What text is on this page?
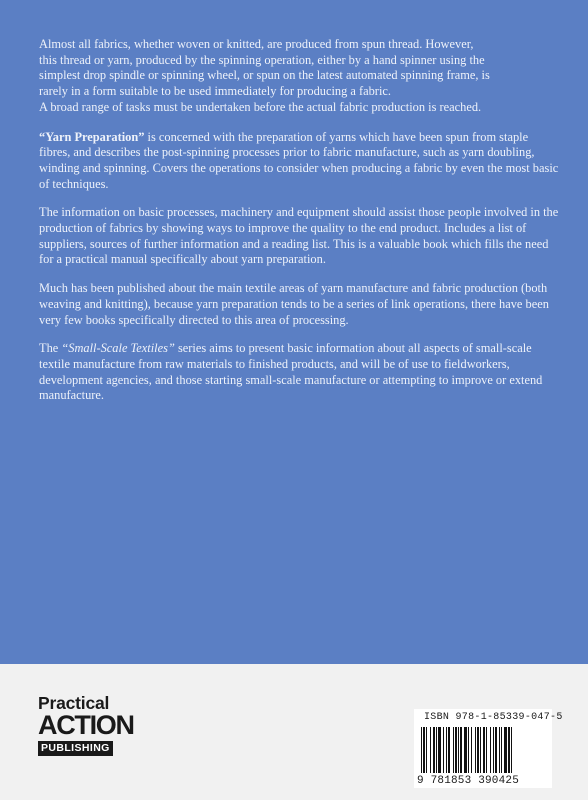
Almost all fabrics, whether woven or knitted, are produced from spun thread. However,
this thread or yarn, produced by the spinning operation, either by a hand spinner using the
simplest drop spindle or spinning wheel, or spun on the latest automated spinning frame, is
rarely in a form suitable to be used immediately for producing a fabric.
A broad range of tasks must be undertaken before the actual fabric production is reached.

“Yarn Preparation” is concerned with the preparation of yarns which have been spun from staple fibres, and describes the post-spinning processes prior to fabric manufacture, such as yarn doubling, winding and spinning. Covers the operations to consider when producing a fabric by even the most basic of techniques.

The information on basic processes, machinery and equipment should assist those people involved in the production of fabrics by showing ways to improve the quality to the end product. Includes a list of suppliers, sources of further information and a reading list. This is a valuable book which fills the need for a practical manual specifically about yarn preparation.

Much has been published about the main textile areas of yarn manufacture and fabric production (both weaving and knitting), because yarn preparation tends to be a series of link operations, there have been very few books specifically directed to this area of processing.

The “Small-Scale Textiles” series aims to present basic information about all aspects of small-scale textile manufacture from raw materials to finished products, and will be of use to fieldworkers, development agencies, and those starting small-scale manufacture or attempting to improve or extend manufacture.

Practical
ACTION
PUBLISHING
ISBN 978-1-85339-047-5
9 781853 390425
